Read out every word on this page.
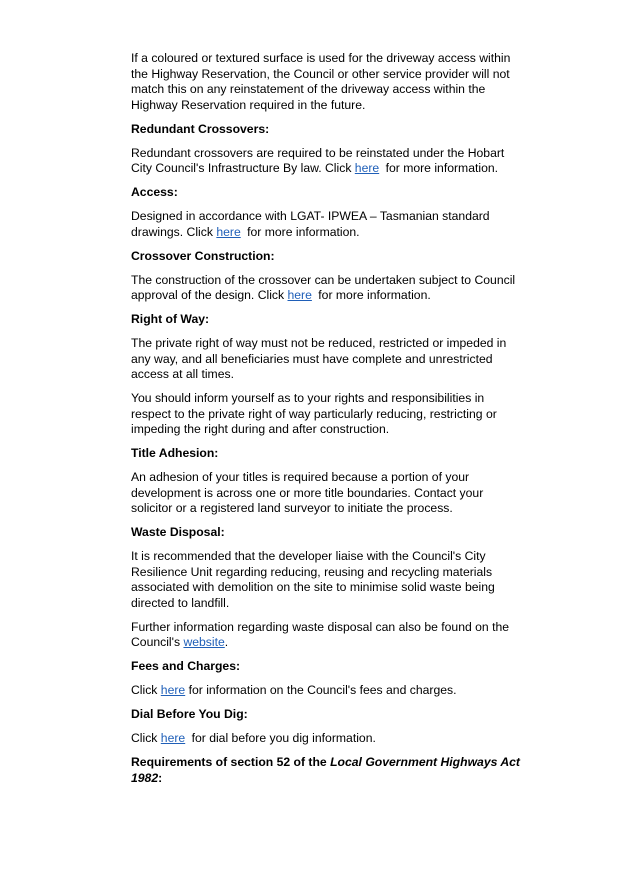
If a coloured or textured surface is used for the driveway access within the Highway Reservation, the Council or other service provider will not match this on any reinstatement of the driveway access within the Highway Reservation required in the future.

Redundant Crossovers:

Redundant crossovers are required to be reinstated under the Hobart City Council's Infrastructure By law. Click here for more information.

Access:

Designed in accordance with LGAT- IPWEA – Tasmanian standard drawings. Click here for more information.

Crossover Construction:

The construction of the crossover can be undertaken subject to Council approval of the design. Click here for more information.

Right of Way:

The private right of way must not be reduced, restricted or impeded in any way, and all beneficiaries must have complete and unrestricted access at all times.

You should inform yourself as to your rights and responsibilities in respect to the private right of way particularly reducing, restricting or impeding the right during and after construction.

Title Adhesion:

An adhesion of your titles is required because a portion of your development is across one or more title boundaries. Contact your solicitor or a registered land surveyor to initiate the process.

Waste Disposal:

It is recommended that the developer liaise with the Council's City Resilience Unit regarding reducing, reusing and recycling materials associated with demolition on the site to minimise solid waste being directed to landfill.

Further information regarding waste disposal can also be found on the Council's website.

Fees and Charges:

Click here for information on the Council's fees and charges.

Dial Before You Dig:

Click here for dial before you dig information.

Requirements of section 52 of the Local Government Highways Act 1982:
